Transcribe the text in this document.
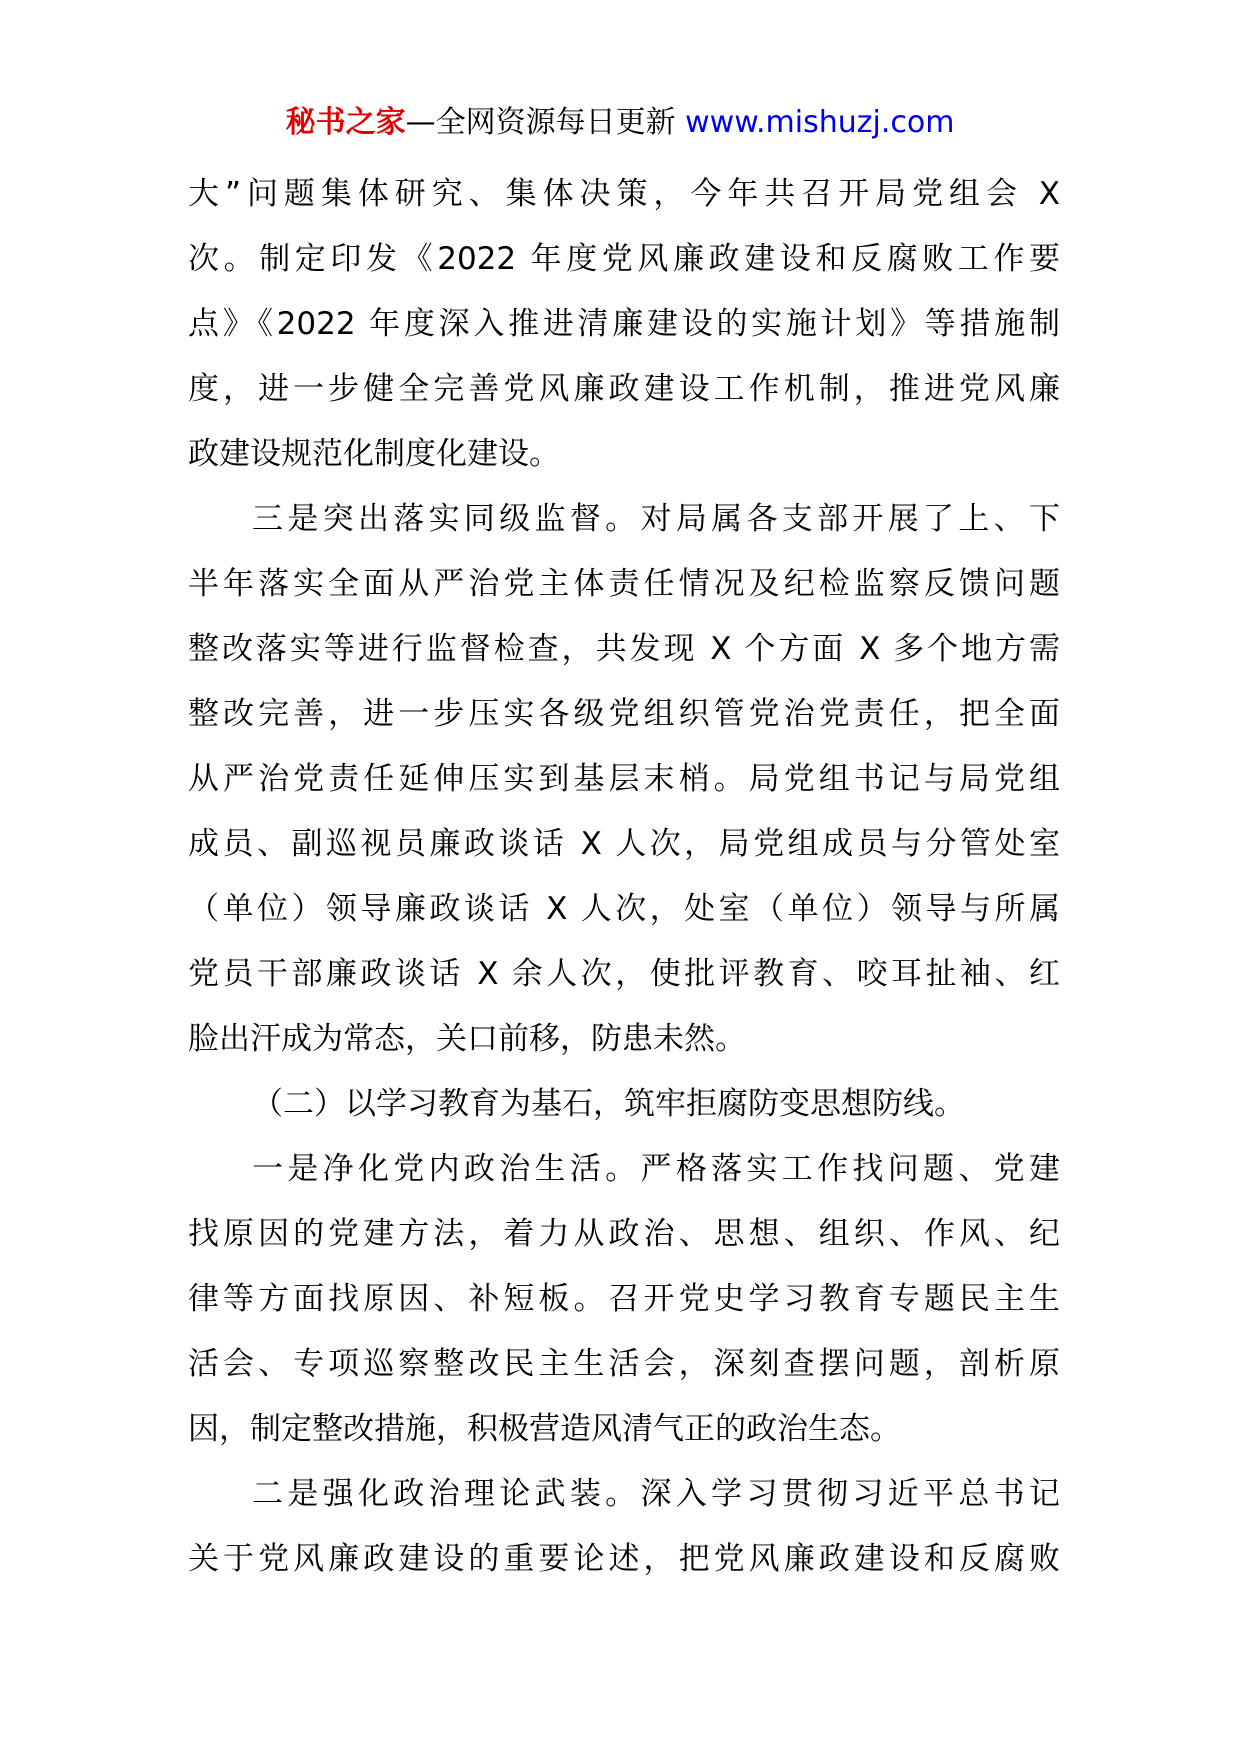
秘书之家—全网资源每日更新 www.mishuzj.com
大”问题集体研究、集体决策，今年共召开局党组会 X
次。制定印发《2022 年度党风廉政建设和反腐败工作要
点》《2022 年度深入推进清廉建设的实施计划》等措施制
度，进一步健全完善党风廉政建设工作机制，推进党风廉
政建设规范化制度化建设。
三是突出落实同级监督。对局属各支部开展了上、下
半年落实全面从严治党主体责任情况及纪检监察反馈问题
整改落实等进行监督检查，共发现 X 个方面 X 多个地方需
整改完善，进一步压实各级党组织管党治党责任，把全面
从严治党责任延伸压实到基层末梢。局党组书记与局党组
成员、副巡视员廉政谈话 X 人次，局党组成员与分管处室
（单位）领导廉政谈话 X 人次，处室（单位）领导与所属
党员干部廉政谈话 X 余人次，使批评教育、咬耳扯袖、红
脸出汗成为常态，关口前移，防患未然。
（二）以学习教育为基石，筑牢拒腐防变思想防线。
一是净化党内政治生活。严格落实工作找问题、党建
找原因的党建方法，着力从政治、思想、组织、作风、纪
律等方面找原因、补短板。召开党史学习教育专题民主生
活会、专项巡察整改民主生活会，深刻查摆问题，剖析原
因，制定整改措施，积极营造风清气正的政治生态。
二是强化政治理论武装。深入学习贯彻习近平总书记
关于党风廉政建设的重要论述，把党风廉政建设和反腐败
